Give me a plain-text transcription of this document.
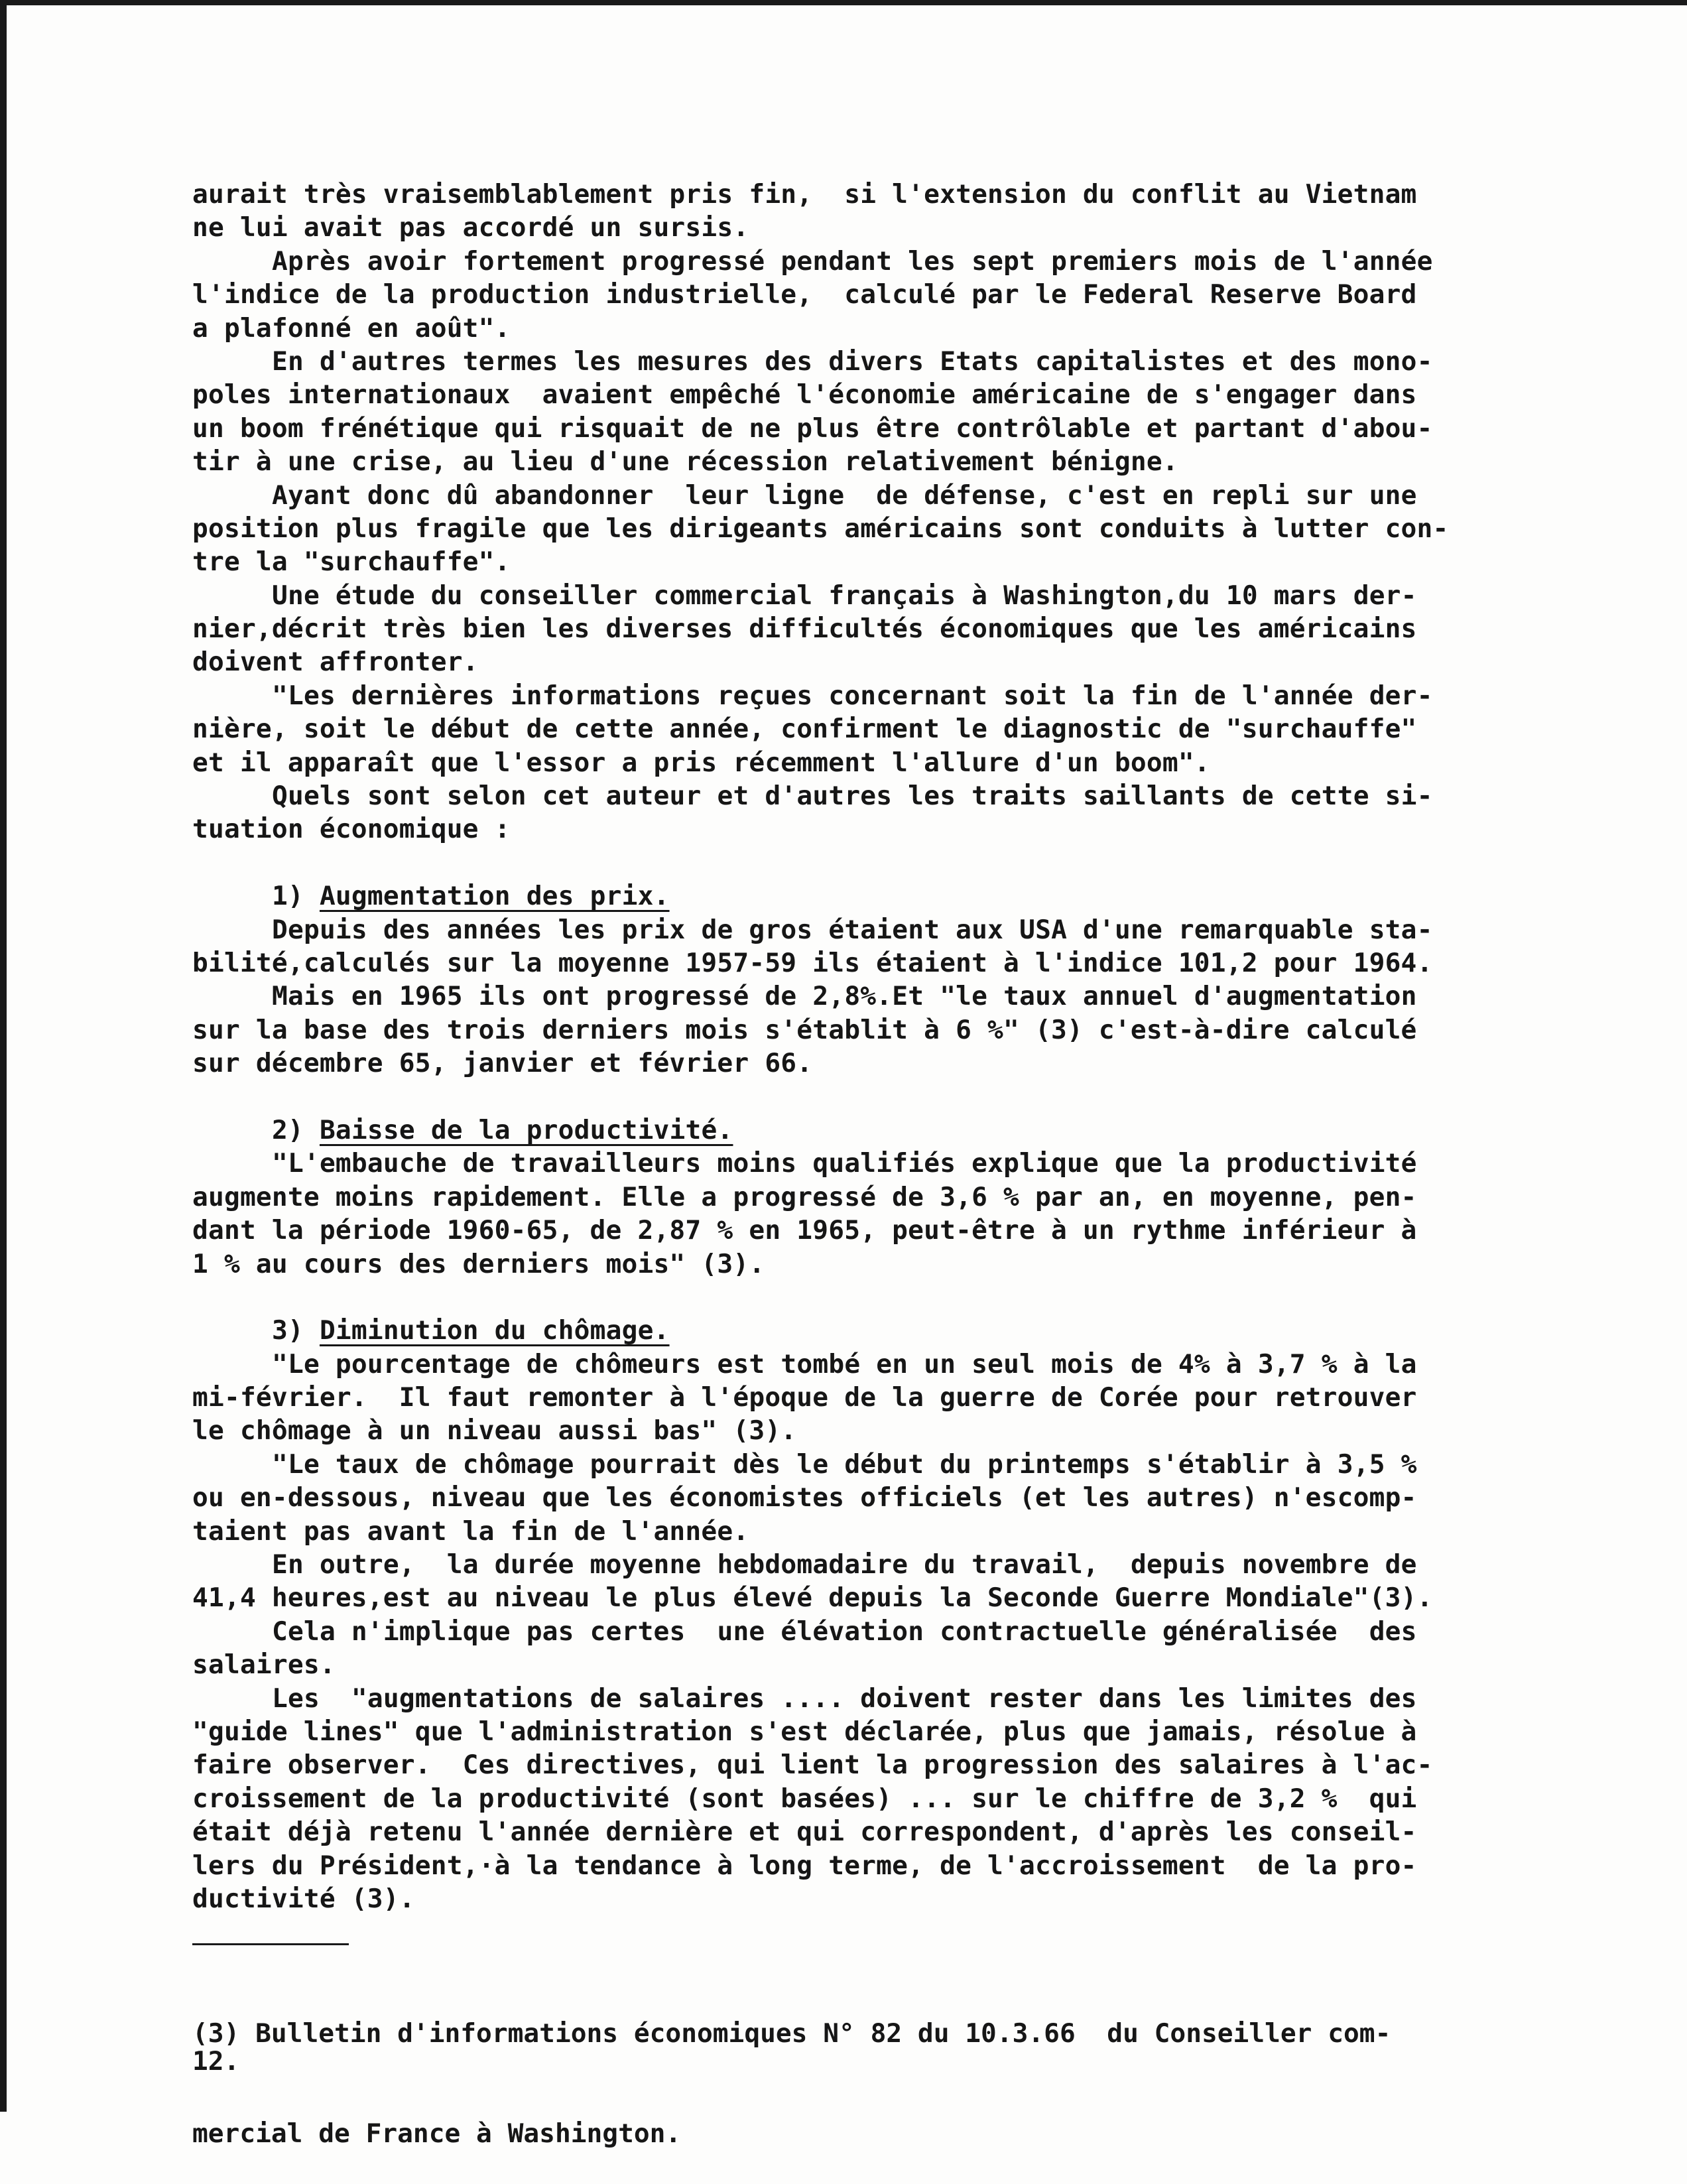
aurait très vraisemblablement pris fin,  si l'extension du conflit au Vietnam
ne lui avait pas accordé un sursis.
Après avoir fortement progressé pendant les sept premiers mois de l'année
l'indice de la production industrielle,  calculé par le Federal Reserve Board
a plafonné en août".
En d'autres termes les mesures des divers Etats capitalistes et des mono-
poles internationaux  avaient empêché l'économie américaine de s'engager dans
un boom frénétique qui risquait de ne plus être contrôlable et partant d'abou-
tir à une crise, au lieu d'une récession relativement bénigne.
Ayant donc dû abandonner  leur ligne  de défense, c'est en repli sur une
position plus fragile que les dirigeants américains sont conduits à lutter con-
tre la "surchauffe".
Une étude du conseiller commercial français à Washington,du 10 mars der-
nier,décrit très bien les diverses difficultés économiques que les américains
doivent affronter.
"Les dernières informations reçues concernant soit la fin de l'année der-
nière, soit le début de cette année, confirment le diagnostic de "surchauffe"
et il apparaît que l'essor a pris récemment l'allure d'un boom".
Quels sont selon cet auteur et d'autres les traits saillants de cette si-
tuation économique :
1) Augmentation des prix.
Depuis des années les prix de gros étaient aux USA d'une remarquable sta-
bilité,calculés sur la moyenne 1957-59 ils étaient à l'indice 101,2 pour 1964.
Mais en 1965 ils ont progressé de 2,8%.Et "le taux annuel d'augmentation
sur la base des trois derniers mois s'établit à 6 %" (3) c'est-à-dire calculé
sur décembre 65, janvier et février 66.
2) Baisse de la productivité.
"L'embauche de travailleurs moins qualifiés explique que la productivité
augmente moins rapidement. Elle a progressé de 3,6 % par an, en moyenne, pen-
dant la période 1960-65, de 2,87 % en 1965, peut-être à un rythme inférieur à
1 % au cours des derniers mois" (3).
3) Diminution du chômage.
"Le pourcentage de chômeurs est tombé en un seul mois de 4% à 3,7 % à la
mi-février.  Il faut remonter à l'époque de la guerre de Corée pour retrouver
le chômage à un niveau aussi bas" (3).
"Le taux de chômage pourrait dès le début du printemps s'établir à 3,5 %
ou en-dessous, niveau que les économistes officiels (et les autres) n'escomp-
taient pas avant la fin de l'année.
En outre,  la durée moyenne hebdomadaire du travail,  depuis novembre de
41,4 heures,est au niveau le plus élevé depuis la Seconde Guerre Mondiale"(3).
Cela n'implique pas certes  une élévation contractuelle généralisée  des
salaires.
Les  "augmentations de salaires .... doivent rester dans les limites des
"guide lines" que l'administration s'est déclarée, plus que jamais, résolue à
faire observer.  Ces directives, qui lient la progression des salaires à l'ac-
croissement de la productivité (sont basées) ... sur le chiffre de 3,2 %  qui
était déjà retenu l'année dernière et qui correspondent, d'après les conseil-
lers du Président,·à la tendance à long terme, de l'accroissement  de la pro-
ductivité (3).

(3) Bulletin d'informations économiques N° 82 du 10.3.66  du Conseiller com-

mercial de France à Washington.

12.
